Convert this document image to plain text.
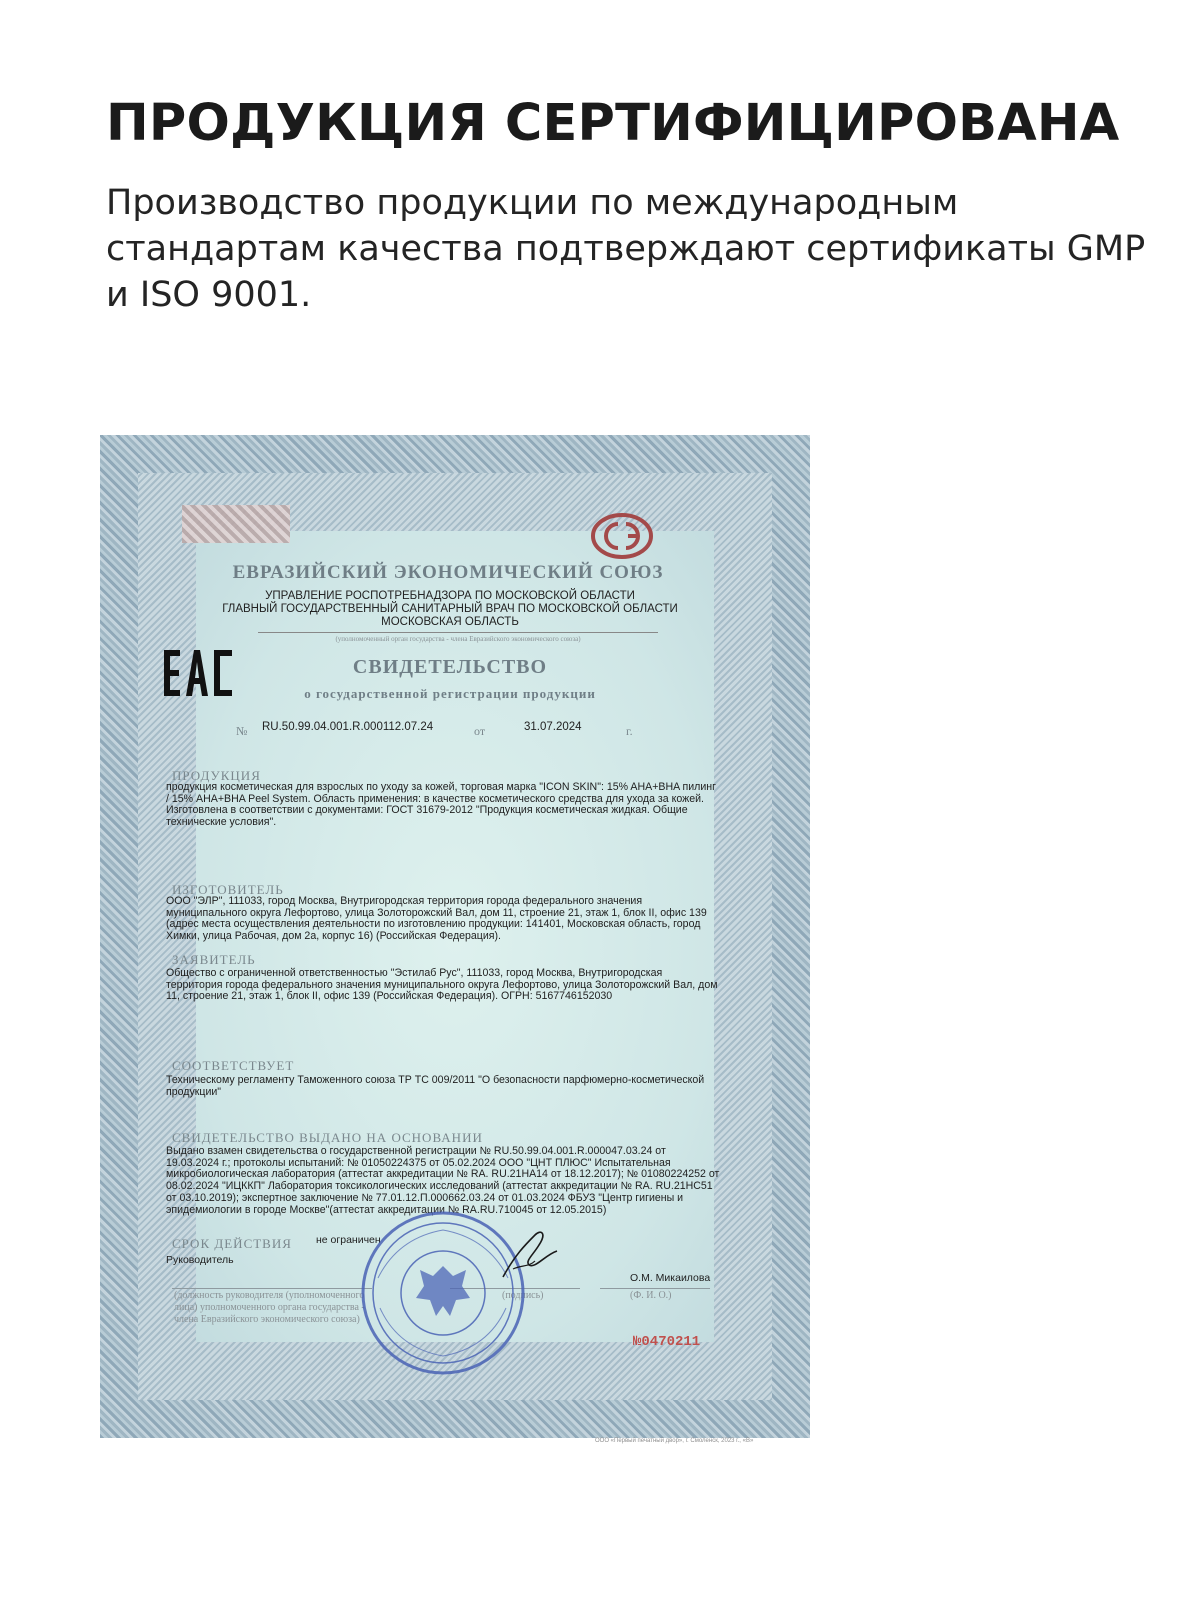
ПРОДУКЦИЯ СЕРТИФИЦИРОВАНА

Производство продукции по международным стандартам качества подтверждают сертификаты GMP и ISO 9001.

ЕВРАЗИЙСКИЙ ЭКОНОМИЧЕСКИЙ СОЮЗ

УПРАВЛЕНИЕ РОСПОТРЕБНАДЗОРА ПО МОСКОВСКОЙ ОБЛАСТИ

ГЛАВНЫЙ ГОСУДАРСТВЕННЫЙ САНИТАРНЫЙ ВРАЧ ПО МОСКОВСКОЙ ОБЛАСТИ

МОСКОВСКАЯ ОБЛАСТЬ

(уполномоченный орган государства - члена Евразийского экономического союза)

СВИДЕТЕЛЬСТВО

о государственной регистрации продукции

№ RU.50.99.04.001.R.000112.07.24	от	31.07.2024	г.

ПРОДУКЦИЯ

продукция косметическая для взрослых по уходу за кожей, торговая марка "ICON SKIN": 15% AHA+BHA пилинг / 15% AHA+BHA Peel System. Область применения: в качестве косметического средства для ухода за кожей. Изготовлена в соответствии с документами: ГОСТ 31679-2012 "Продукция косметическая жидкая. Общие технические условия".

ИЗГОТОВИТЕЛЬ

ООО "ЭЛР", 111033, город Москва, Внутригородская территория города федерального значения муниципального округа Лефортово, улица Золоторожский Вал, дом 11, строение 21, этаж 1, блок II, офис 139 (адрес места осуществления деятельности по изготовлению продукции: 141401, Московская область, город Химки, улица Рабочая, дом 2а, корпус 16) (Российская Федерация).

ЗАЯВИТЕЛЬ

Общество с ограниченной ответственностью "Эстилаб Рус", 111033, город Москва, Внутригородская территория города федерального значения муниципального округа Лефортово, улица Золоторожский Вал, дом 11, строение 21, этаж 1, блок II, офис 139 (Российская Федерация). ОГРН: 5167746152030

СООТВЕТСТВУЕТ

Техническому регламенту Таможенного союза ТР ТС 009/2011 "О безопасности парфюмерно-косметической продукции"

СВИДЕТЕЛЬСТВО ВЫДАНО НА ОСНОВАНИИ

Выдано взамен свидетельства о государственной регистрации № RU.50.99.04.001.R.000047.03.24 от 19.03.2024 г.; протоколы испытаний: № 01050224375 от 05.02.2024 ООО "ЦНТ ПЛЮС" Испытательная микробиологическая лаборатория (аттестат аккредитации № RA. RU.21НА14 от 18.12.2017); № 01080224252 от 08.02.2024 "ИЦККП" Лаборатория токсикологических исследований (аттестат аккредитации № RA. RU.21НС51 от 03.10.2019); экспертное заключение № 77.01.12.П.000662.03.24 от 01.03.2024 ФБУЗ "Центр гигиены и эпидемиологии в городе Москве"(аттестат аккредитации № RA.RU.710045 от 12.05.2015)

СРОК ДЕЙСТВИЯ не ограничен

Руководитель

О.М. Микаилова

(должность руководителя (уполномоченного

лица) уполномоченного органа государства -

члена Евразийского экономического союза)

(подпись)	(Ф. И. О.)

№0470211

ООО «Первый печатный двор», г. Смоленск, 2023 г., «В»
